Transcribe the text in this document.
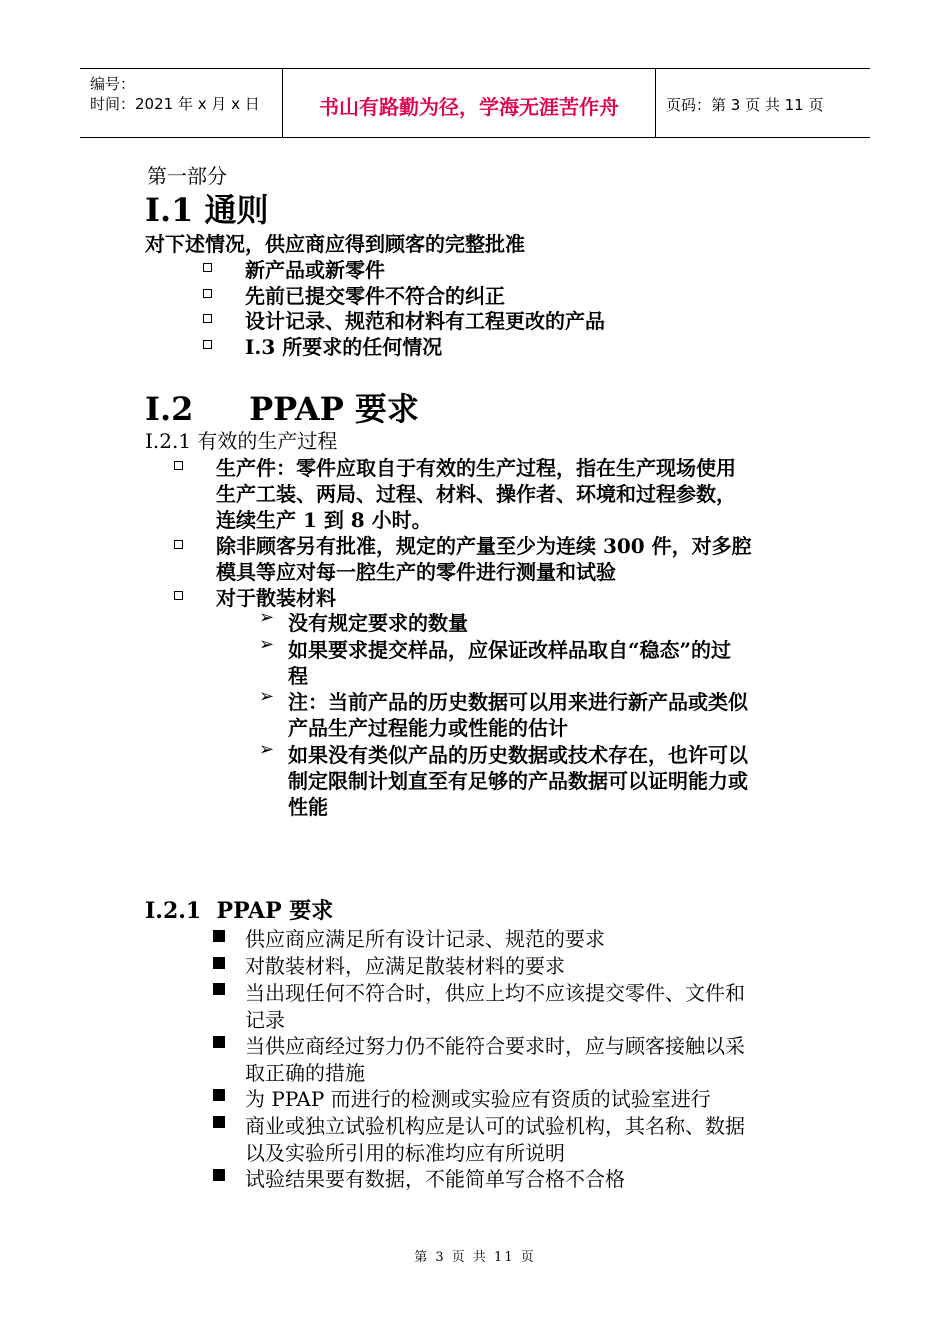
编号：
时间：2021 年 x 月 x 日	书山有路勤为径，学海无涯苦作舟	页码：第 3 页 共 11 页
第一部分
I.1 通则
对下述情况，供应商应得到顾客的完整批准
新产品或新零件
先前已提交零件不符合的纠正
设计记录、规范和材料有工程更改的产品
I.3 所要求的任何情况
I.2     PPAP 要求
I.2.1 有效的生产过程
生产件：零件应取自于有效的生产过程，指在生产现场使用
生产工装、两局、过程、材料、操作者、环境和过程参数，
连续生产 1 到 8 小时。
除非顾客另有批准，规定的产量至少为连续 300 件，对多腔
模具等应对每一腔生产的零件进行测量和试验
对于散装材料
➢ 没有规定要求的数量
➢ 如果要求提交样品，应保证改样品取自“稳态”的过
程
➢ 注：当前产品的历史数据可以用来进行新产品或类似
产品生产过程能力或性能的估计
➢ 如果没有类似产品的历史数据或技术存在，也许可以
制定限制计划直至有足够的产品数据可以证明能力或
性能
I.2.1  PPAP 要求
供应商应满足所有设计记录、规范的要求
对散装材料，应满足散装材料的要求
当出现任何不符合时，供应上均不应该提交零件、文件和
记录
当供应商经过努力仍不能符合要求时，应与顾客接触以采
取正确的措施
为 PPAP 而进行的检测或实验应有资质的试验室进行
商业或独立试验机构应是认可的试验机构，其名称、数据
以及实验所引用的标准均应有所说明
试验结果要有数据，不能简单写合格不合格
第 3 页 共 11 页
